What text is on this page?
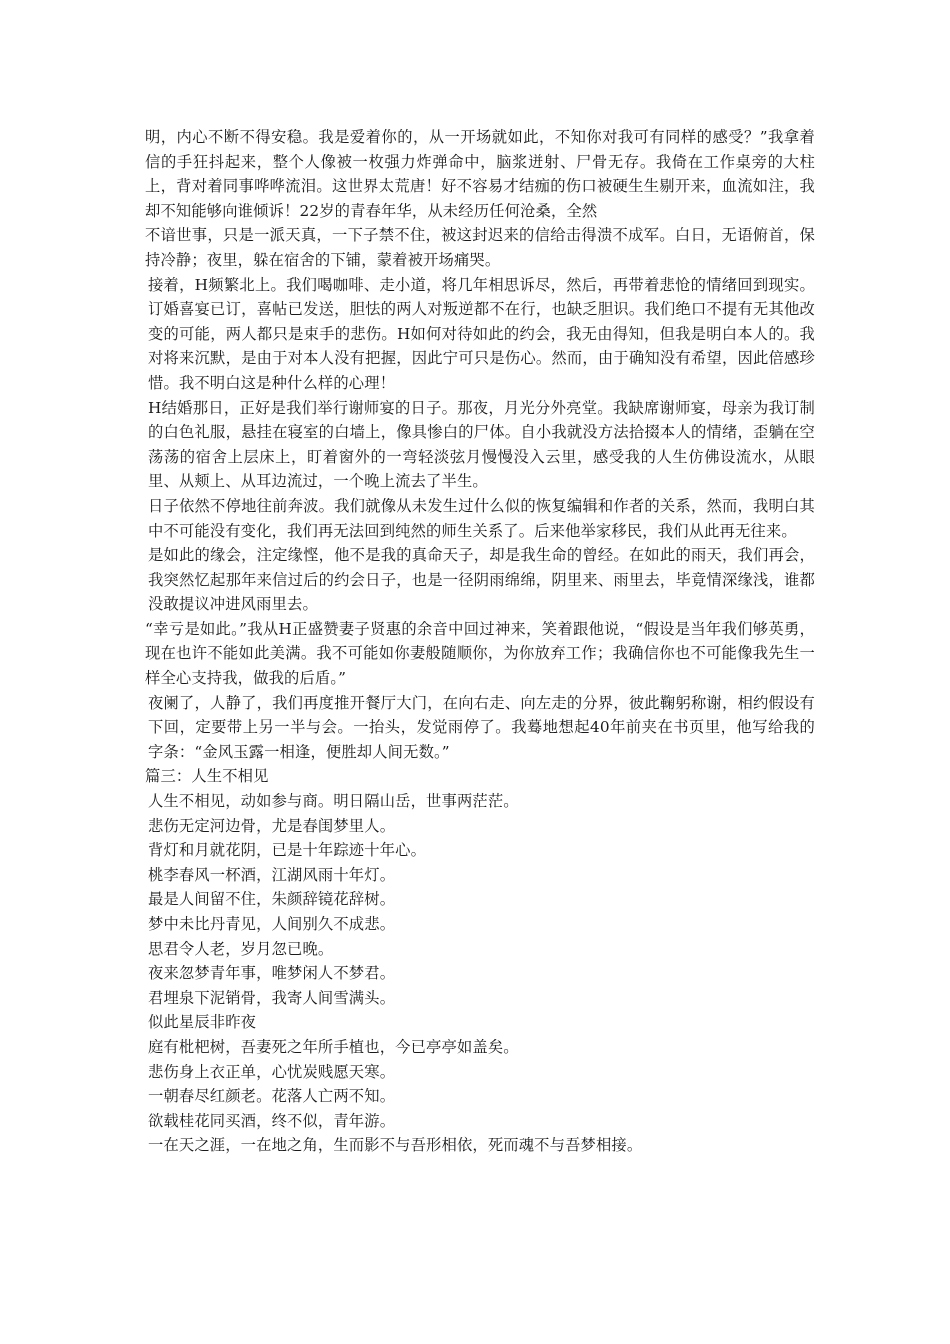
明，内心不断不得安稳。我是爱着你的，从一开场就如此，不知你对我可有同样的感受？”我拿着信的手狂抖起来，整个人像被一枚强力炸弹命中，脑浆迸射、尸骨无存。我倚在工作桌旁的大柱上，背对着同事哗哗流泪。这世界太荒唐！好不容易才结痂的伤口被硬生生剔开来，血流如注，我却不知能够向谁倾诉！22岁的青春年华，从未经历任何沧桑，全然

不谙世事，只是一派天真，一下子禁不住，被这封迟来的信给击得溃不成军。白日，无语俯首，保持冷静；夜里，躲在宿舍的下铺，蒙着被开场痛哭。

接着，H频繁北上。我们喝咖啡、走小道，将几年相思诉尽，然后，再带着悲怆的情绪回到现实。订婚喜宴已订，喜帖已发送，胆怯的两人对叛逆都不在行，也缺乏胆识。我们绝口不提有无其他改变的可能，两人都只是束手的悲伤。H如何对待如此的约会，我无由得知，但我是明白本人的。我对将来沉默，是由于对本人没有把握，因此宁可只是伤心。然而，由于确知没有希望，因此倍感珍惜。我不明白这是种什么样的心理！

H结婚那日，正好是我们举行谢师宴的日子。那夜，月光分外亮堂。我缺席谢师宴，母亲为我订制的白色礼服，悬挂在寝室的白墙上，像具惨白的尸体。自小我就没方法拾掇本人的情绪，歪躺在空荡荡的宿舍上层床上，盯着窗外的一弯轻淡弦月慢慢没入云里，感受我的人生仿佛设流水，从眼里、从颊上、从耳边流过，一个晚上流去了半生。

日子依然不停地往前奔波。我们就像从未发生过什么似的恢复编辑和作者的关系，然而，我明白其中不可能没有变化，我们再无法回到纯然的师生关系了。后来他举家移民，我们从此再无往来。

是如此的缘会，注定缘悭，他不是我的真命天子，却是我生命的曾经。在如此的雨天，我们再会，我突然忆起那年来信过后的约会日子，也是一径阴雨绵绵，阴里来、雨里去，毕竟情深缘浅，谁都没敢提议冲进风雨里去。

“幸亏是如此。”我从H正盛赞妻子贤惠的余音中回过神来，笑着跟他说，“假设是当年我们够英勇，现在也许不能如此美满。我不可能如你妻般随顺你，为你放弃工作；我确信你也不可能像我先生一样全心支持我，做我的后盾。”

夜阑了，人静了，我们再度推开餐厅大门，在向右走、向左走的分界，彼此鞠躬称谢，相约假设有下回，定要带上另一半与会。一抬头，发觉雨停了。我蓦地想起40年前夹在书页里，他写给我的字条：“金风玉露一相逢，便胜却人间无数。”

篇三：人生不相见

人生不相见，动如参与商。明日隔山岳，世事两茫茫。

悲伤无定河边骨，尤是春闺梦里人。

背灯和月就花阴，已是十年踪迹十年心。

桃李春风一杯酒，江湖风雨十年灯。

最是人间留不住，朱颜辞镜花辞树。

梦中未比丹青见，人间别久不成悲。

思君令人老，岁月忽已晚。

夜来忽梦青年事，唯梦闲人不梦君。

君埋泉下泥销骨，我寄人间雪满头。

似此星辰非昨夜

庭有枇杷树，吾妻死之年所手植也，今已亭亭如盖矣。

悲伤身上衣正单，心忧炭贱愿天寒。

一朝春尽红颜老。花落人亡两不知。

欲载桂花同买酒，终不似，青年游。

一在天之涯，一在地之角，生而影不与吾形相依，死而魂不与吾梦相接。
